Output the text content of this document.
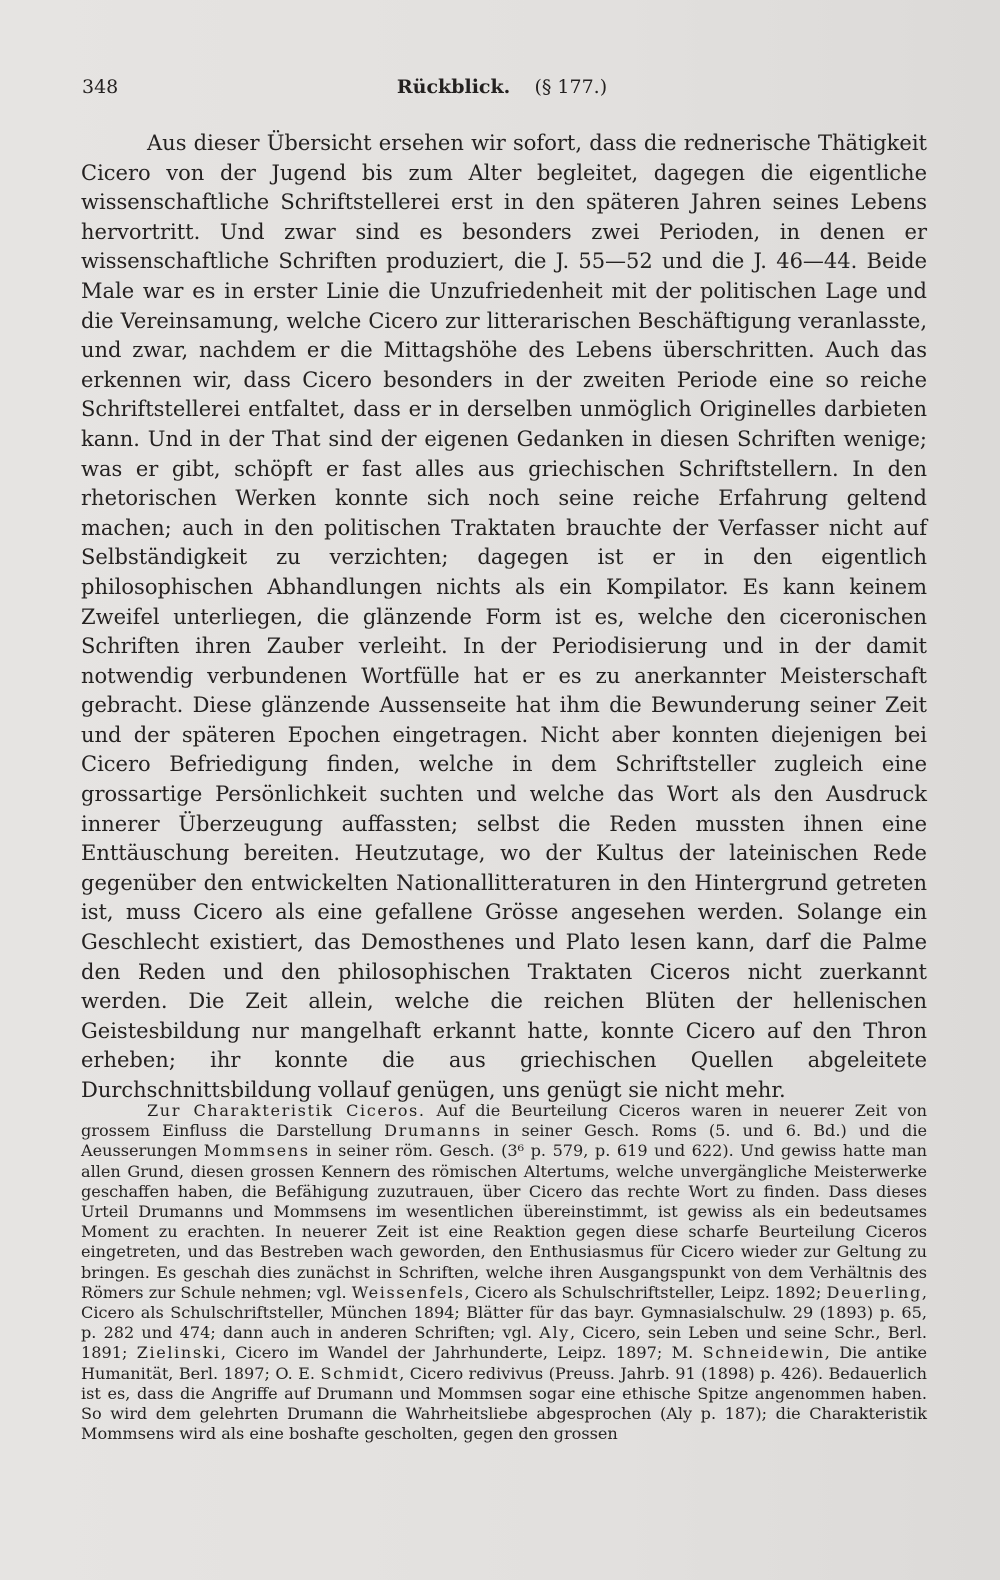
348	Rückblick. (§ 177.)

Aus dieser Übersicht ersehen wir sofort, dass die rednerische Thätigkeit Cicero von der Jugend bis zum Alter begleitet, dagegen die eigentliche wissenschaftliche Schriftstellerei erst in den späteren Jahren seines Lebens hervortritt. Und zwar sind es besonders zwei Perioden, in denen er wissenschaftliche Schriften produziert, die J. 55—52 und die J. 46—44. Beide Male war es in erster Linie die Unzufriedenheit mit der politischen Lage und die Vereinsamung, welche Cicero zur litterarischen Beschäftigung veranlasste, und zwar, nachdem er die Mittagshöhe des Lebens überschritten. Auch das erkennen wir, dass Cicero besonders in der zweiten Periode eine so reiche Schriftstellerei entfaltet, dass er in derselben unmöglich Originelles darbieten kann. Und in der That sind der eigenen Gedanken in diesen Schriften wenige; was er gibt, schöpft er fast alles aus griechischen Schriftstellern. In den rhetorischen Werken konnte sich noch seine reiche Erfahrung geltend machen; auch in den politischen Traktaten brauchte der Verfasser nicht auf Selbständigkeit zu verzichten; dagegen ist er in den eigentlich philosophischen Abhandlungen nichts als ein Kompilator. Es kann keinem Zweifel unterliegen, die glänzende Form ist es, welche den ciceronischen Schriften ihren Zauber verleiht. In der Periodisierung und in der damit notwendig verbundenen Wortfülle hat er es zu anerkannter Meisterschaft gebracht. Diese glänzende Aussenseite hat ihm die Bewunderung seiner Zeit und der späteren Epochen eingetragen. Nicht aber konnten diejenigen bei Cicero Befriedigung finden, welche in dem Schriftsteller zugleich eine grossartige Persönlichkeit suchten und welche das Wort als den Ausdruck innerer Überzeugung auffassten; selbst die Reden mussten ihnen eine Enttäuschung bereiten. Heutzutage, wo der Kultus der lateinischen Rede gegenüber den entwickelten Nationallitteraturen in den Hintergrund getreten ist, muss Cicero als eine gefallene Grösse angesehen werden. Solange ein Geschlecht existiert, das Demosthenes und Plato lesen kann, darf die Palme den Reden und den philosophischen Traktaten Ciceros nicht zuerkannt werden. Die Zeit allein, welche die reichen Blüten der hellenischen Geistesbildung nur mangelhaft erkannt hatte, konnte Cicero auf den Thron erheben; ihr konnte die aus griechischen Quellen abgeleitete Durchschnittsbildung vollauf genügen, uns genügt sie nicht mehr.

Zur Charakteristik Ciceros. Auf die Beurteilung Ciceros waren in neuerer Zeit von grossem Einfluss die Darstellung Drumanns in seiner Gesch. Roms (5. und 6. Bd.) und die Aeusserungen Mommsens in seiner röm. Gesch. (3⁶ p. 579, p. 619 und 622). Und gewiss hatte man allen Grund, diesen grossen Kennern des römischen Altertums, welche unvergängliche Meisterwerke geschaffen haben, die Befähigung zuzutrauen, über Cicero das rechte Wort zu finden. Dass dieses Urteil Drumanns und Mommsens im wesentlichen übereinstimmt, ist gewiss als ein bedeutsames Moment zu erachten. In neuerer Zeit ist eine Reaktion gegen diese scharfe Beurteilung Ciceros eingetreten, und das Bestreben wach geworden, den Enthusiasmus für Cicero wieder zur Geltung zu bringen. Es geschah dies zunächst in Schriften, welche ihren Ausgangspunkt von dem Verhältnis des Römers zur Schule nehmen; vgl. Weissenfels, Cicero als Schulschriftsteller, Leipz. 1892; Deuerling, Cicero als Schulschriftsteller, München 1894; Blätter für das bayr. Gymnasialschulw. 29 (1893) p. 65, p. 282 und 474; dann auch in anderen Schriften; vgl. Aly, Cicero, sein Leben und seine Schr., Berl. 1891; Zielinski, Cicero im Wandel der Jahrhunderte, Leipz. 1897; M. Schneidewin, Die antike Humanität, Berl. 1897; O. E. Schmidt, Cicero redivivus (Preuss. Jahrb. 91 (1898) p. 426). Bedauerlich ist es, dass die Angriffe auf Drumann und Mommsen sogar eine ethische Spitze angenommen haben. So wird dem gelehrten Drumann die Wahrheitsliebe abgesprochen (Aly p. 187); die Charakteristik Mommsens wird als eine boshafte gescholten, gegen den grossen
